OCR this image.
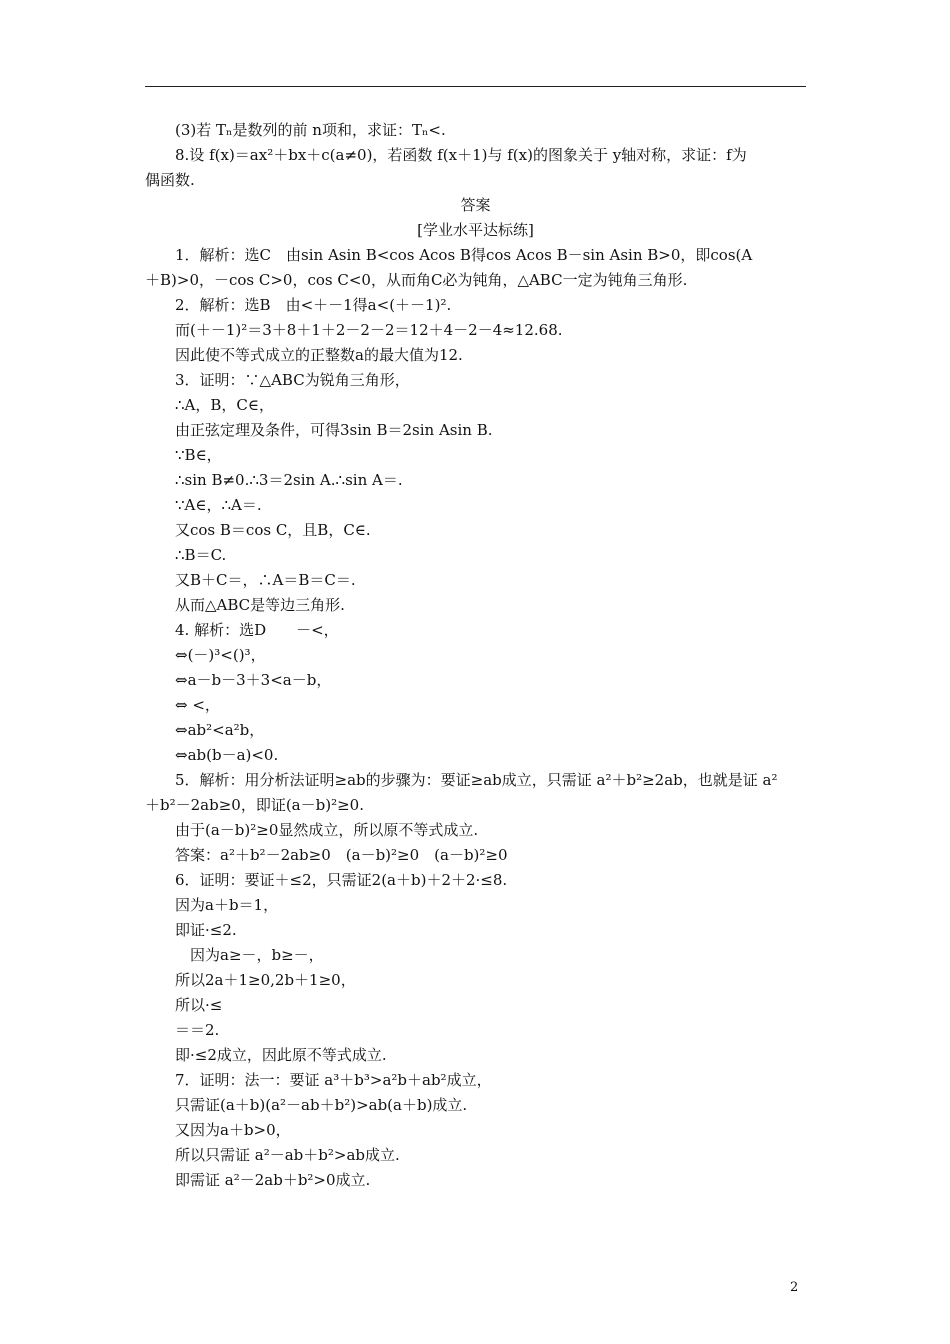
(3)若 Tₙ是数列的前 n项和，求证：Tₙ<.
8.设 f(x)＝ax²＋bx＋c(a≠0)，若函数 f(x＋1)与 f(x)的图象关于 y轴对称，求证：f为
偶函数.
答案
[学业水平达标练]
1．解析：选C　由sin Asin B<cos Acos B得cos Acos B－sin Asin B>0，即cos(A
＋B)>0，－cos C>0，cos C<0，从而角C必为钝角，△ABC一定为钝角三角形.
2．解析：选B　由<＋－1得a<(＋－1)².
而(＋－1)²＝3＋8＋1＋2－2－2＝12＋4－2－4≈12.68.
因此使不等式成立的正整数a的最大值为12.
3．证明：∵△ABC为锐角三角形，
∴A，B，C∈，
由正弦定理及条件，可得3sin B＝2sin Asin B.
∵B∈，
∴sin B≠0.∴3＝2sin A.∴sin A＝.
∵A∈，∴A＝.
又cos B＝cos C，且B，C∈.
∴B＝C.
又B＋C＝，∴A＝B＝C＝.
从而△ABC是等边三角形.
4. 解析：选D　　－<，
⇔(－)³<()³，
⇔a－b－3＋3<a－b，
⇔ <，
⇔ab²<a²b，
⇔ab(b－a)<0.
5．解析：用分析法证明≥ab的步骤为：要证≥ab成立，只需证 a²＋b²≥2ab，也就是证 a²
＋b²－2ab≥0，即证(a－b)²≥0.
由于(a－b)²≥0显然成立，所以原不等式成立.
答案：a²＋b²－2ab≥0　(a－b)²≥0　(a－b)²≥0
6．证明：要证＋≤2，只需证2(a＋b)＋2＋2·≤8.
因为a＋b＝1，
即证·≤2.
因为a≥－，b≥－，
所以2a＋1≥0,2b＋1≥0，
所以·≤
＝＝2.
即·≤2成立，因此原不等式成立.
7．证明：法一：要证 a³＋b³>a²b＋ab²成立，
只需证(a＋b)(a²－ab＋b²)>ab(a＋b)成立.
又因为a＋b>0，
所以只需证 a²－ab＋b²>ab成立.
即需证 a²－2ab＋b²>0成立.
2
